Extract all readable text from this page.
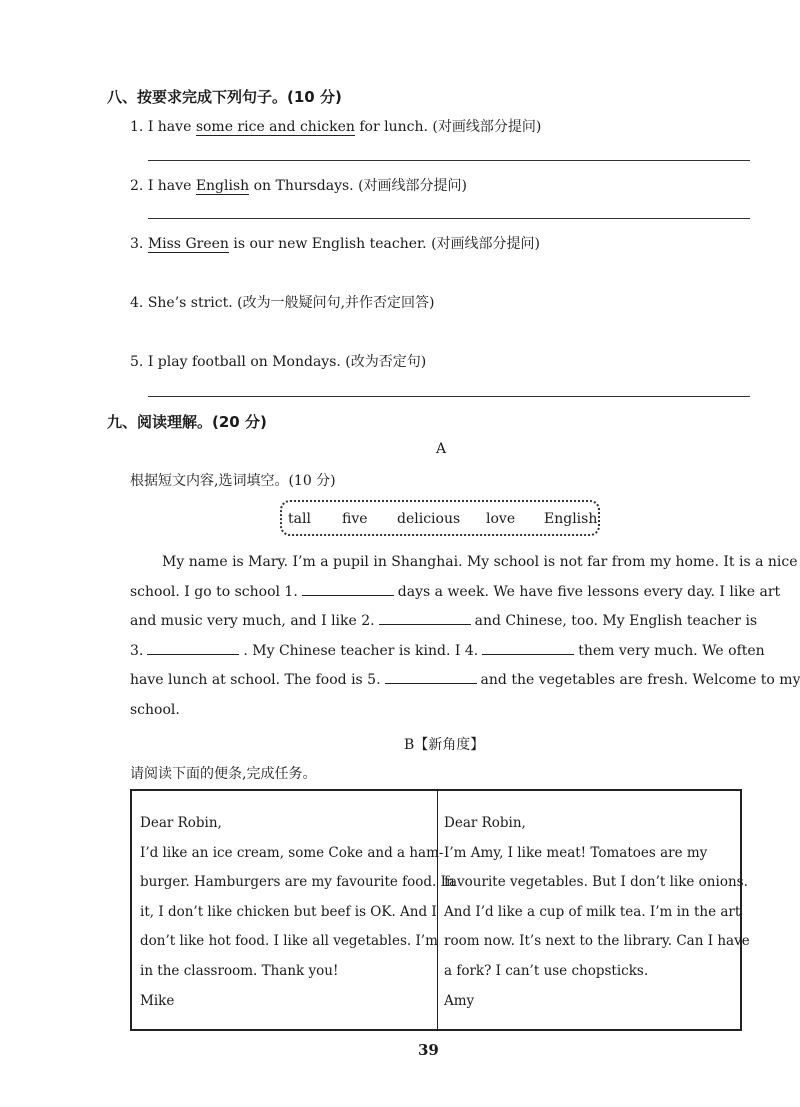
八、按要求完成下列句子。(10 分)
1. I have some rice and chicken for lunch. (对画线部分提问)
2. I have English on Thursdays. (对画线部分提问)
3. Miss Green is our new English teacher. (对画线部分提问)
4. She’s strict. (改为一般疑问句,并作否定回答)
5. I play football on Mondays. (改为否定句)
九、阅读理解。(20 分)
A
根据短文内容,选词填空。(10 分)
tall five delicious love English
My name is Mary. I’m a pupil in Shanghai. My school is not far from my home. It is a nice
school. I go to school 1.	days a week. We have five lessons every day. I like art
and music very much, and I like 2.	and Chinese, too. My English teacher is
3.	. My Chinese teacher is kind. I 4.	them very much. We often
have lunch at school. The food is 5.	and the vegetables are fresh. Welcome to my
school.
B【新角度】
请阅读下面的便条,完成任务。
Dear Robin,
I’d like an ice cream, some Coke and a ham-
burger. Hamburgers are my favourite food. In
it, I don’t like chicken but beef is OK. And I
don’t like hot food. I like all vegetables. I’m
in the classroom. Thank you!
Mike
Dear Robin,
I’m Amy, I like meat! Tomatoes are my
favourite vegetables. But I don’t like onions.
And I’d like a cup of milk tea. I’m in the art
room now. It’s next to the library. Can I have
a fork? I can’t use chopsticks.
Amy
39
